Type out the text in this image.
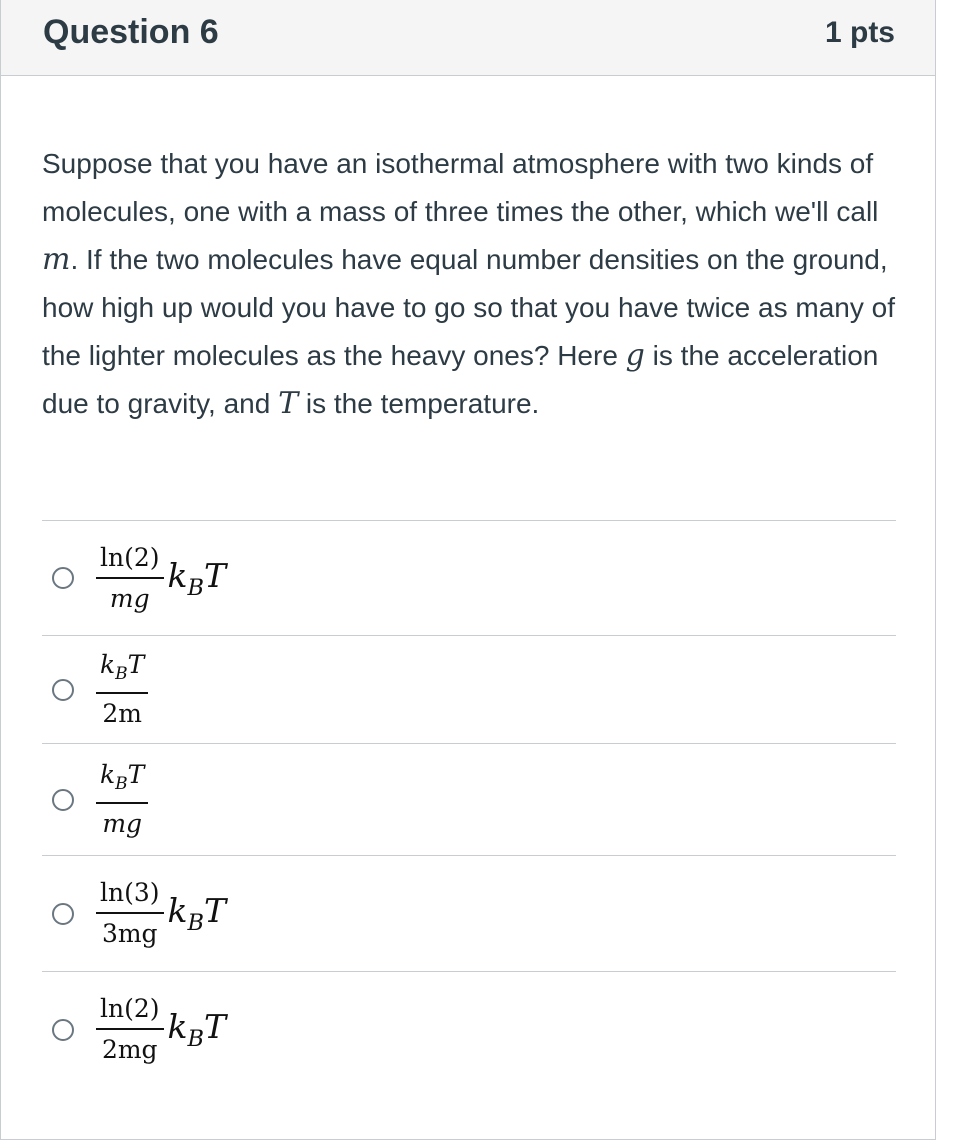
Question 6	1 pts
Suppose that you have an isothermal atmosphere with two kinds of molecules, one with a mass of three times the other, which we'll call m. If the two molecules have equal number densities on the ground, how high up would you have to go so that you have twice as many of the lighter molecules as the heavy ones? Here g is the acceleration due to gravity, and T is the temperature.
$\frac{\ln(2)}{mg} k_BT$
$\frac{k_BT}{2m}$
$\frac{k_BT}{mg}$
$\frac{\ln(3)}{3mg} k_BT$
$\frac{\ln(2)}{2mg} k_BT$
